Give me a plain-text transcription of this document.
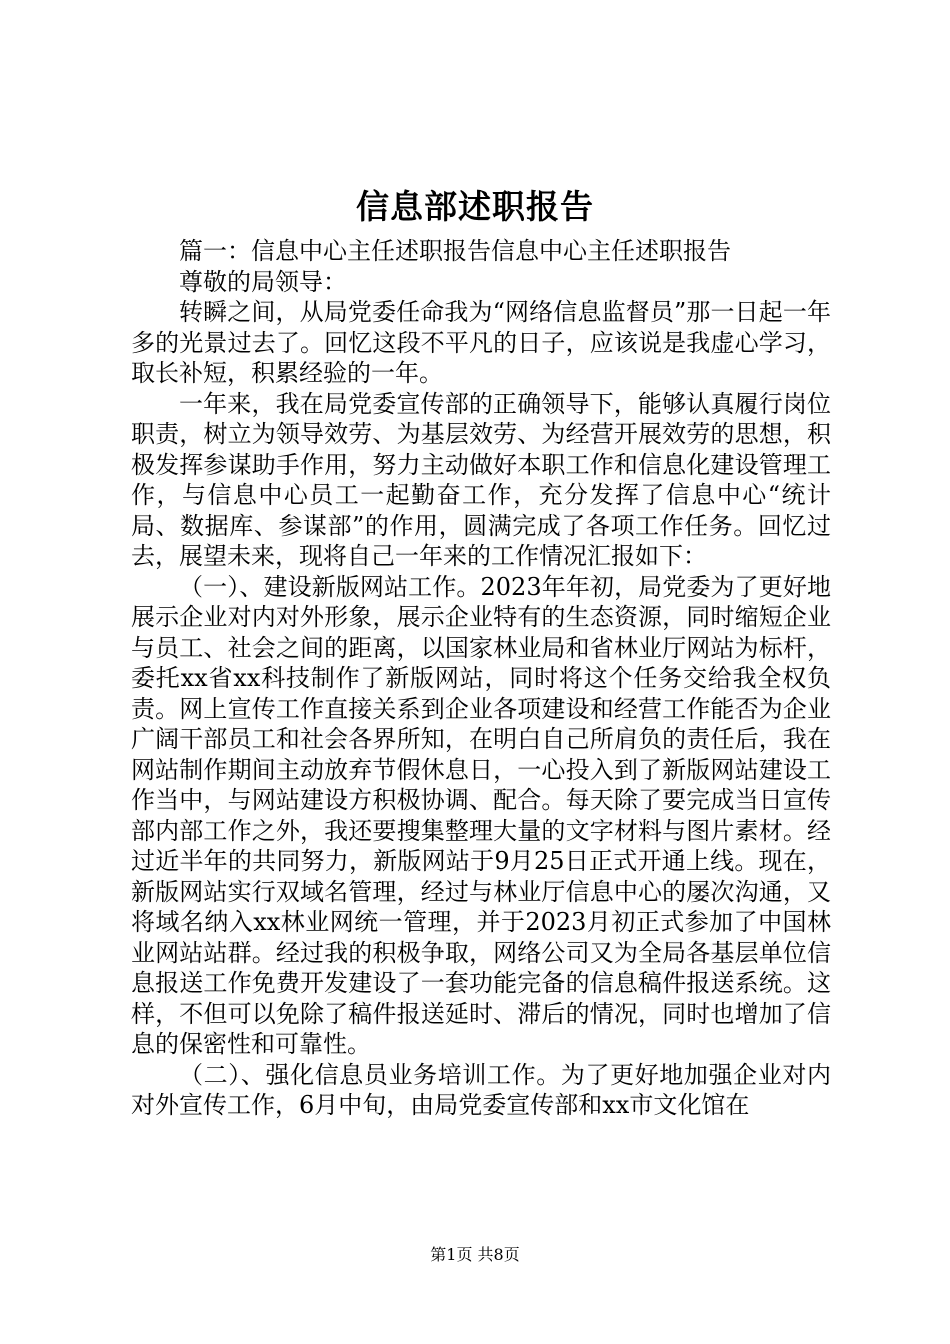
信息部述职报告

篇一：信息中心主任述职报告信息中心主任述职报告

尊敬的局领导：

转瞬之间，从局党委任命我为“网络信息监督员”那一日起一年多的光景过去了。回忆这段不平凡的日子，应该说是我虚心学习，取长补短，积累经验的一年。

一年来，我在局党委宣传部的正确领导下，能够认真履行岗位职责，树立为领导效劳、为基层效劳、为经营开展效劳的思想，积极发挥参谋助手作用，努力主动做好本职工作和信息化建设管理工作，与信息中心员工一起勤奋工作，充分发挥了信息中心“统计局、数据库、参谋部”的作用，圆满完成了各项工作任务。回忆过去，展望未来，现将自己一年来的工作情况汇报如下：

（一）、建设新版网站工作。2023年年初，局党委为了更好地展示企业对内对外形象，展示企业特有的生态资源，同时缩短企业与员工、社会之间的距离，以国家林业局和省林业厅网站为标杆，委托xx省xx科技制作了新版网站，同时将这个任务交给我全权负责。网上宣传工作直接关系到企业各项建设和经营工作能否为企业广阔干部员工和社会各界所知，在明白自己所肩负的责任后，我在网站制作期间主动放弃节假休息日，一心投入到了新版网站建设工作当中，与网站建设方积极协调、配合。每天除了要完成当日宣传部内部工作之外，我还要搜集整理大量的文字材料与图片素材。经过近半年的共同努力，新版网站于9月25日正式开通上线。现在，新版网站实行双域名管理，经过与林业厅信息中心的屡次沟通，又将域名纳入xx林业网统一管理，并于2023月初正式参加了中国林业网站站群。经过我的积极争取，网络公司又为全局各基层单位信息报送工作免费开发建设了一套功能完备的信息稿件报送系统。这样，不但可以免除了稿件报送延时、滞后的情况，同时也增加了信息的保密性和可靠性。

（二）、强化信息员业务培训工作。为了更好地加强企业对内对外宣传工作，6月中旬，由局党委宣传部和xx市文化馆在

第1页 共8页
